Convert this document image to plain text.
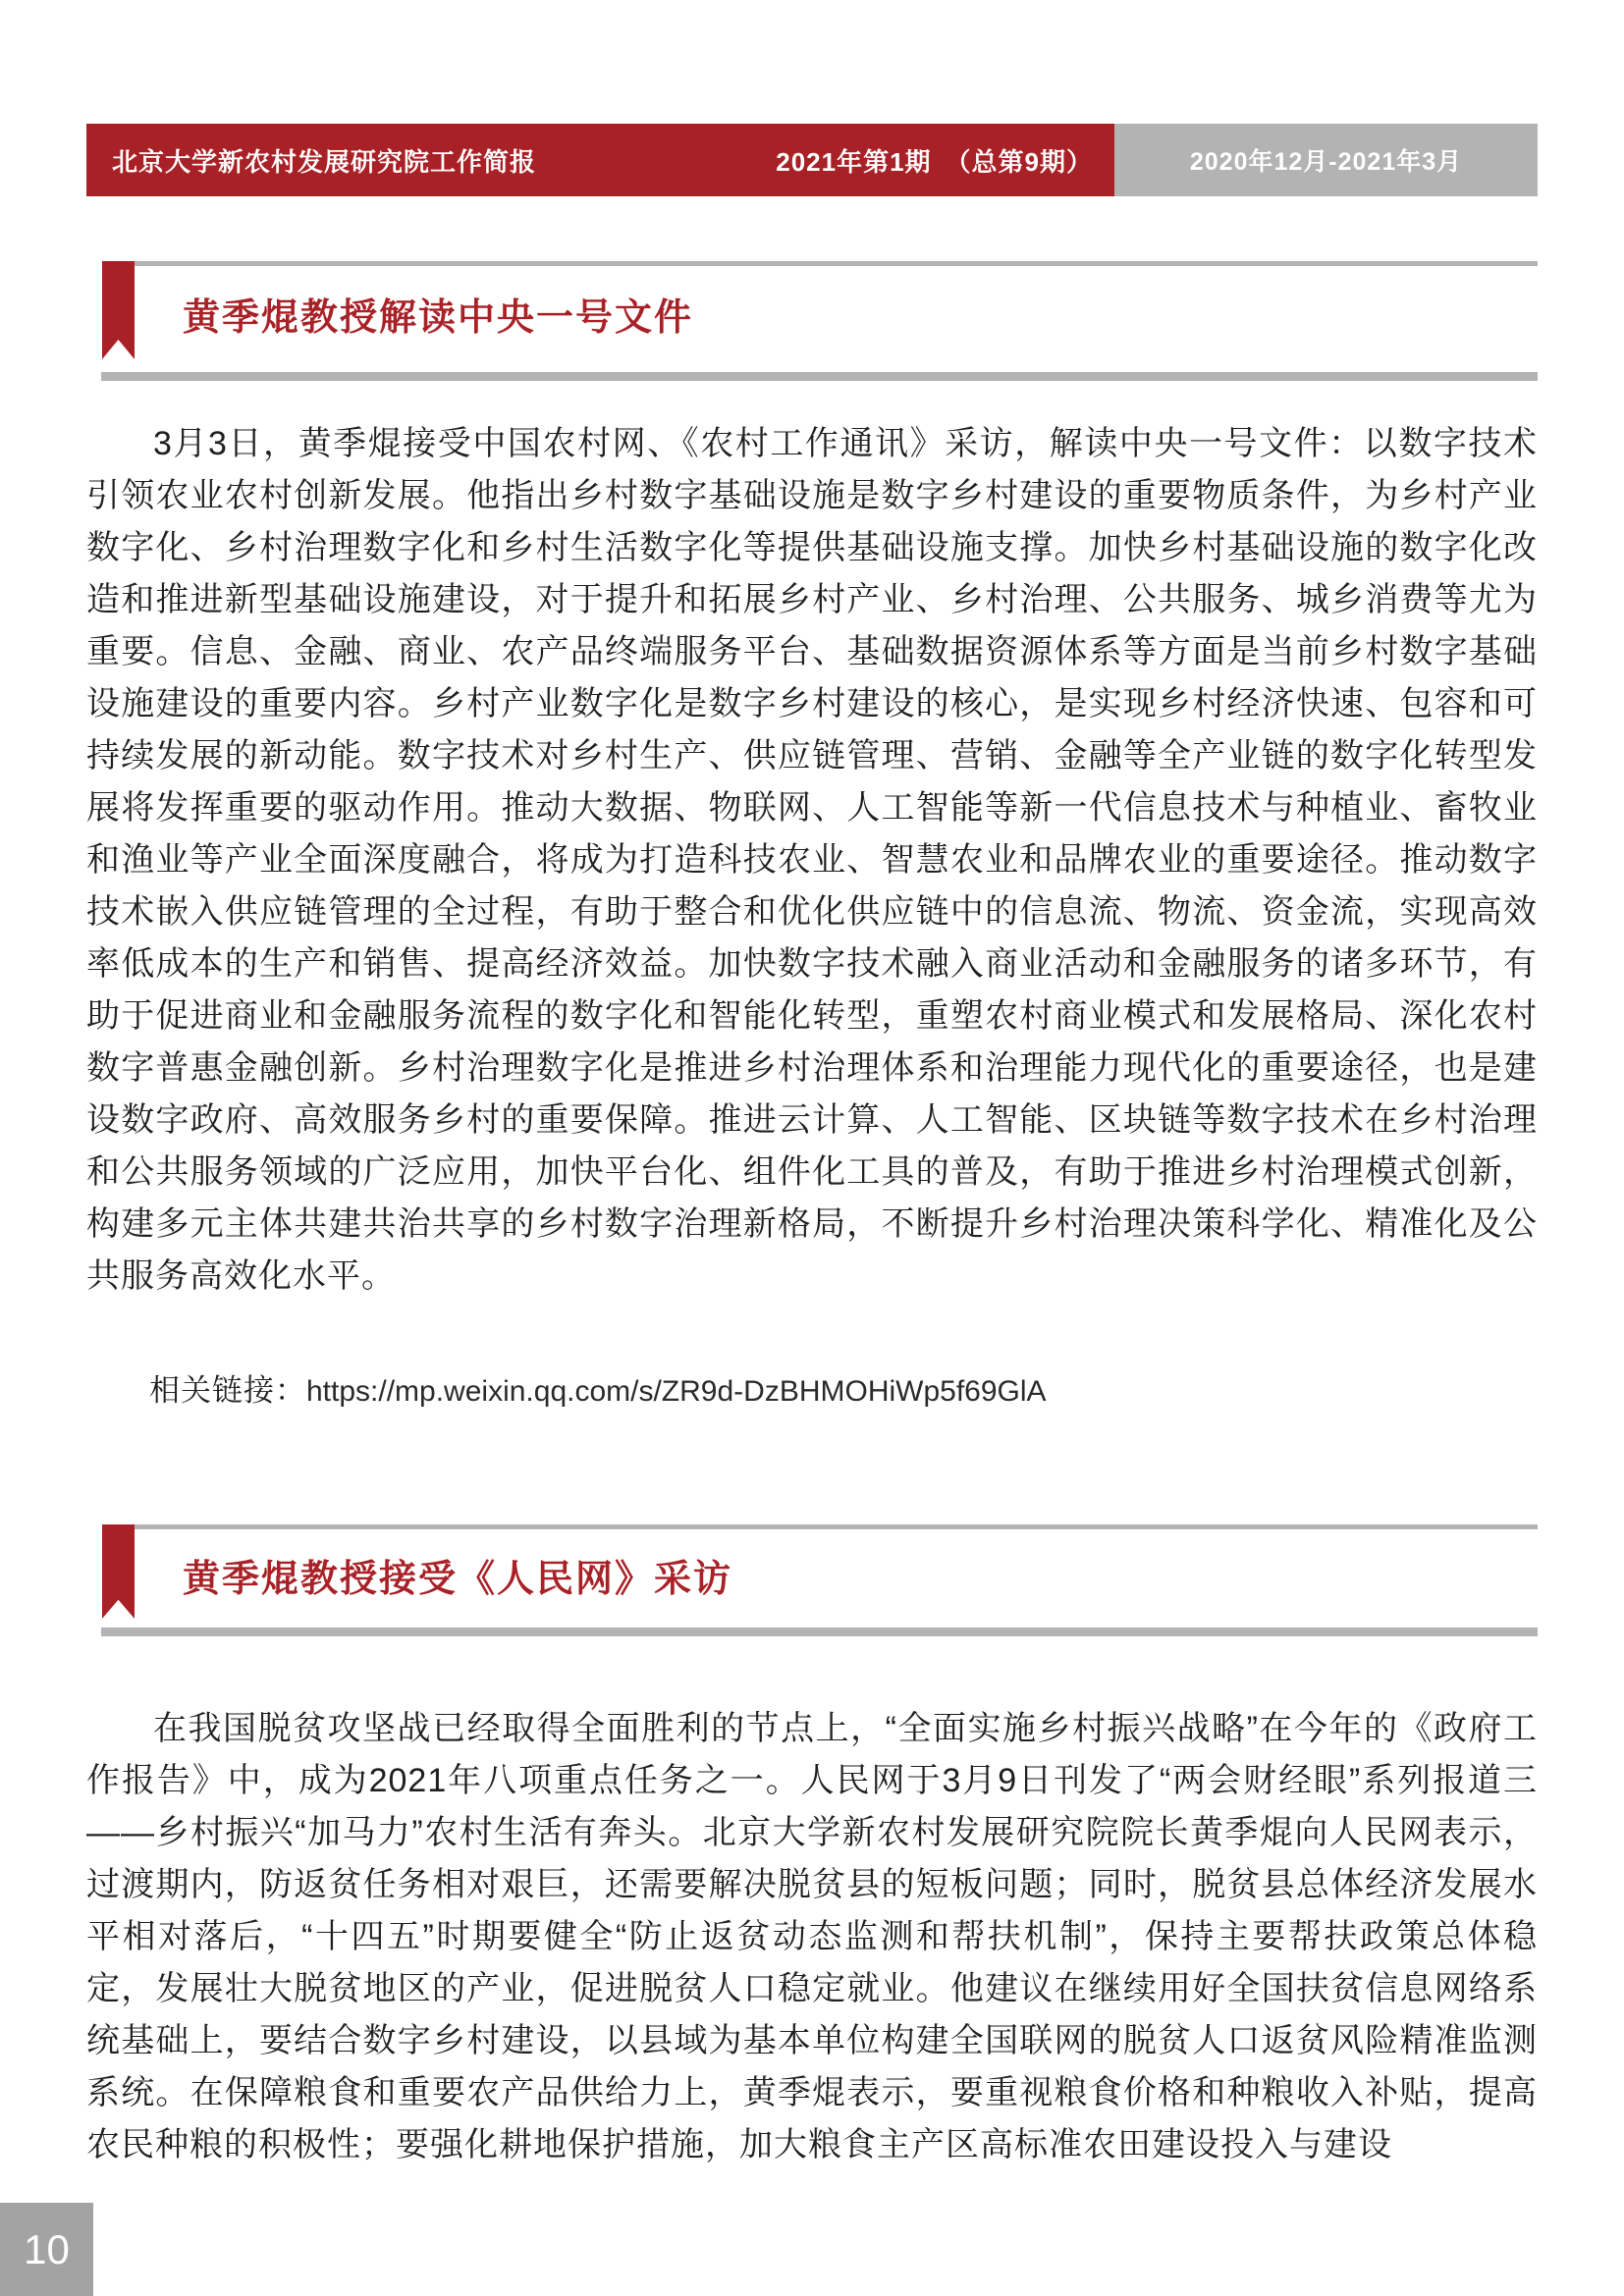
北京大学新农村发展研究院工作简报	2021年第1期　（总第9期）	2020年12月-2021年3月
黄季焜教授解读中央一号文件

3月3日，黄季焜接受中国农村网、《农村工作通讯》采访，解读中央一号文件：以数字技术引领农业农村创新发展。他指出乡村数字基础设施是数字乡村建设的重要物质条件，为乡村产业数字化、乡村治理数字化和乡村生活数字化等提供基础设施支撑。加快乡村基础设施的数字化改造和推进新型基础设施建设，对于提升和拓展乡村产业、乡村治理、公共服务、城乡消费等尤为重要。信息、金融、商业、农产品终端服务平台、基础数据资源体系等方面是当前乡村数字基础设施建设的重要内容。乡村产业数字化是数字乡村建设的核心，是实现乡村经济快速、包容和可持续发展的新动能。数字技术对乡村生产、供应链管理、营销、金融等全产业链的数字化转型发展将发挥重要的驱动作用。推动大数据、物联网、人工智能等新一代信息技术与种植业、畜牧业和渔业等产业全面深度融合，将成为打造科技农业、智慧农业和品牌农业的重要途径。推动数字技术嵌入供应链管理的全过程，有助于整合和优化供应链中的信息流、物流、资金流，实现高效率低成本的生产和销售、提高经济效益。加快数字技术融入商业活动和金融服务的诸多环节，有助于促进商业和金融服务流程的数字化和智能化转型，重塑农村商业模式和发展格局、深化农村数字普惠金融创新。乡村治理数字化是推进乡村治理体系和治理能力现代化的重要途径，也是建设数字政府、高效服务乡村的重要保障。推进云计算、人工智能、区块链等数字技术在乡村治理和公共服务领域的广泛应用，加快平台化、组件化工具的普及，有助于推进乡村治理模式创新，构建多元主体共建共治共享的乡村数字治理新格局，不断提升乡村治理决策科学化、精准化及公共服务高效化水平。

相关链接：https://mp.weixin.qq.com/s/ZR9d-DzBHMOHiWp5f69GlA
黄季焜教授接受《人民网》采访

在我国脱贫攻坚战已经取得全面胜利的节点上，“全面实施乡村振兴战略”在今年的《政府工作报告》中，成为2021年八项重点任务之一。人民网于3月9日刊发了“两会财经眼”系列报道三——乡村振兴“加马力”农村生活有奔头。北京大学新农村发展研究院院长黄季焜向人民网表示，过渡期内，防返贫任务相对艰巨，还需要解决脱贫县的短板问题；同时，脱贫县总体经济发展水平相对落后，“十四五”时期要健全“防止返贫动态监测和帮扶机制”，保持主要帮扶政策总体稳定，发展壮大脱贫地区的产业，促进脱贫人口稳定就业。他建议在继续用好全国扶贫信息网络系统基础上，要结合数字乡村建设，以县域为基本单位构建全国联网的脱贫人口返贫风险精准监测系统。在保障粮食和重要农产品供给力上，黄季焜表示，要重视粮食价格和种粮收入补贴，提高农民种粮的积极性；要强化耕地保护措施，加大粮食主产区高标准农田建设投入与建设

10
